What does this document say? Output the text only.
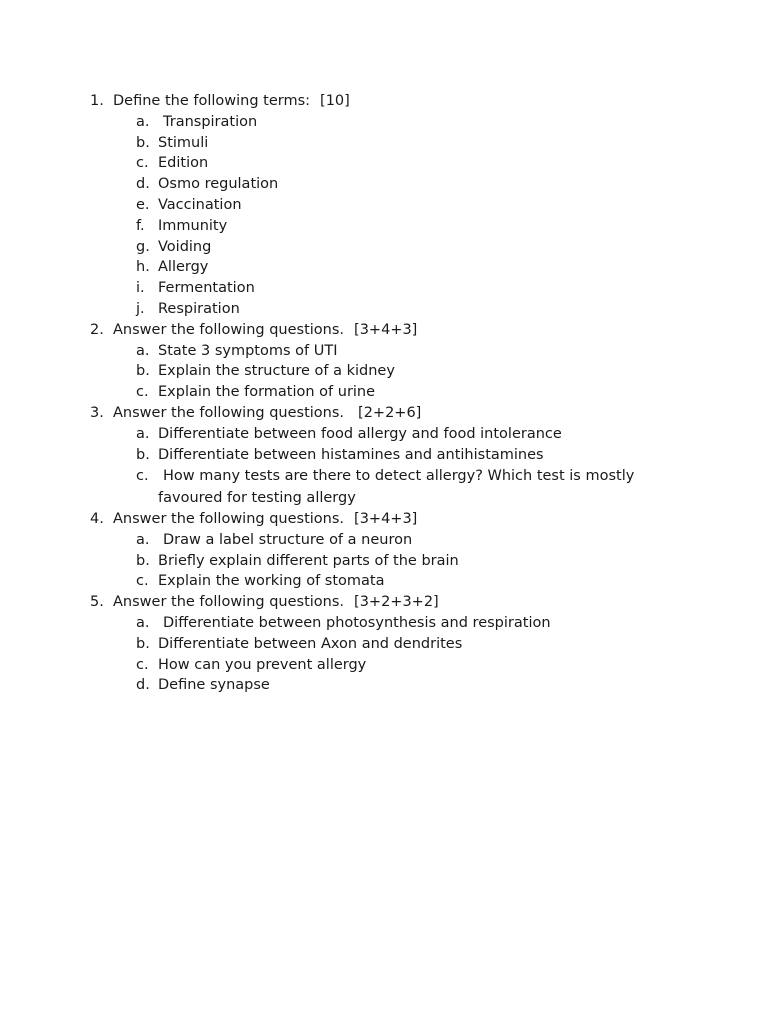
1. Define the following terms: [10]
a. Transpiration
b. Stimuli
c. Edition
d. Osmo regulation
e. Vaccination
f. Immunity
g. Voiding
h. Allergy
i. Fermentation
j. Respiration
2. Answer the following questions. [3+4+3]
a. State 3 symptoms of UTI
b. Explain the structure of a kidney
c. Explain the formation of urine
3. Answer the following questions. [2+2+6]
a. Differentiate between food allergy and food intolerance
b. Differentiate between histamines and antihistamines
c. How many tests are there to detect allergy? Which test is mostly
favoured for testing allergy
4. Answer the following questions. [3+4+3]
a. Draw a label structure of a neuron
b. Briefly explain different parts of the brain
c. Explain the working of stomata
5. Answer the following questions. [3+2+3+2]
a. Differentiate between photosynthesis and respiration
b. Differentiate between Axon and dendrites
c. How can you prevent allergy
d. Define synapse
